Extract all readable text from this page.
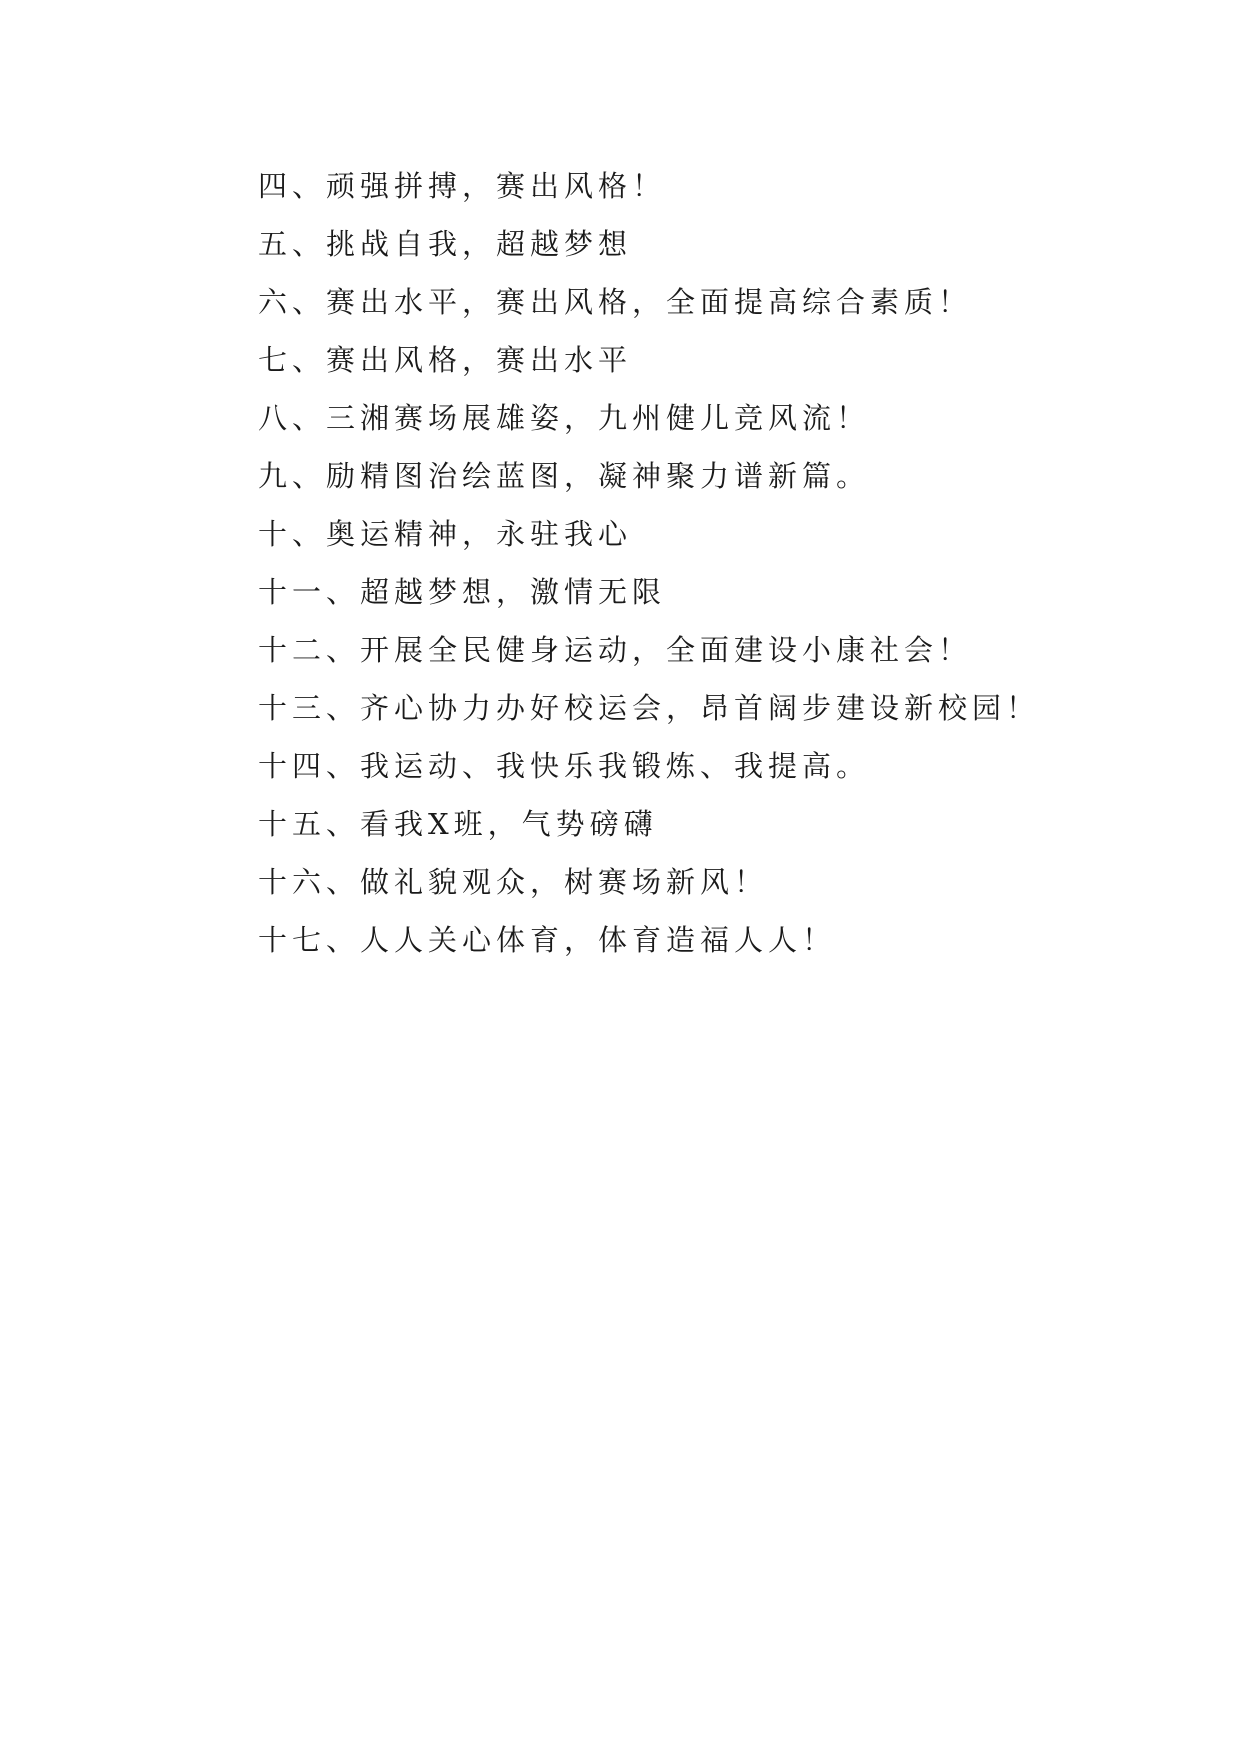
四、顽强拼搏，赛出风格！
五、挑战自我，超越梦想
六、赛出水平，赛出风格，全面提高综合素质！
七、赛出风格，赛出水平
八、三湘赛场展雄姿，九州健儿竞风流！
九、励精图治绘蓝图，凝神聚力谱新篇。
十、奥运精神，永驻我心
十一、超越梦想，激情无限
十二、开展全民健身运动，全面建设小康社会！
十三、齐心协力办好校运会，昂首阔步建设新校园！
十四、我运动、我快乐我锻炼、我提高。
十五、看我X班，气势磅礴
十六、做礼貌观众，树赛场新风！
十七、人人关心体育，体育造福人人！
